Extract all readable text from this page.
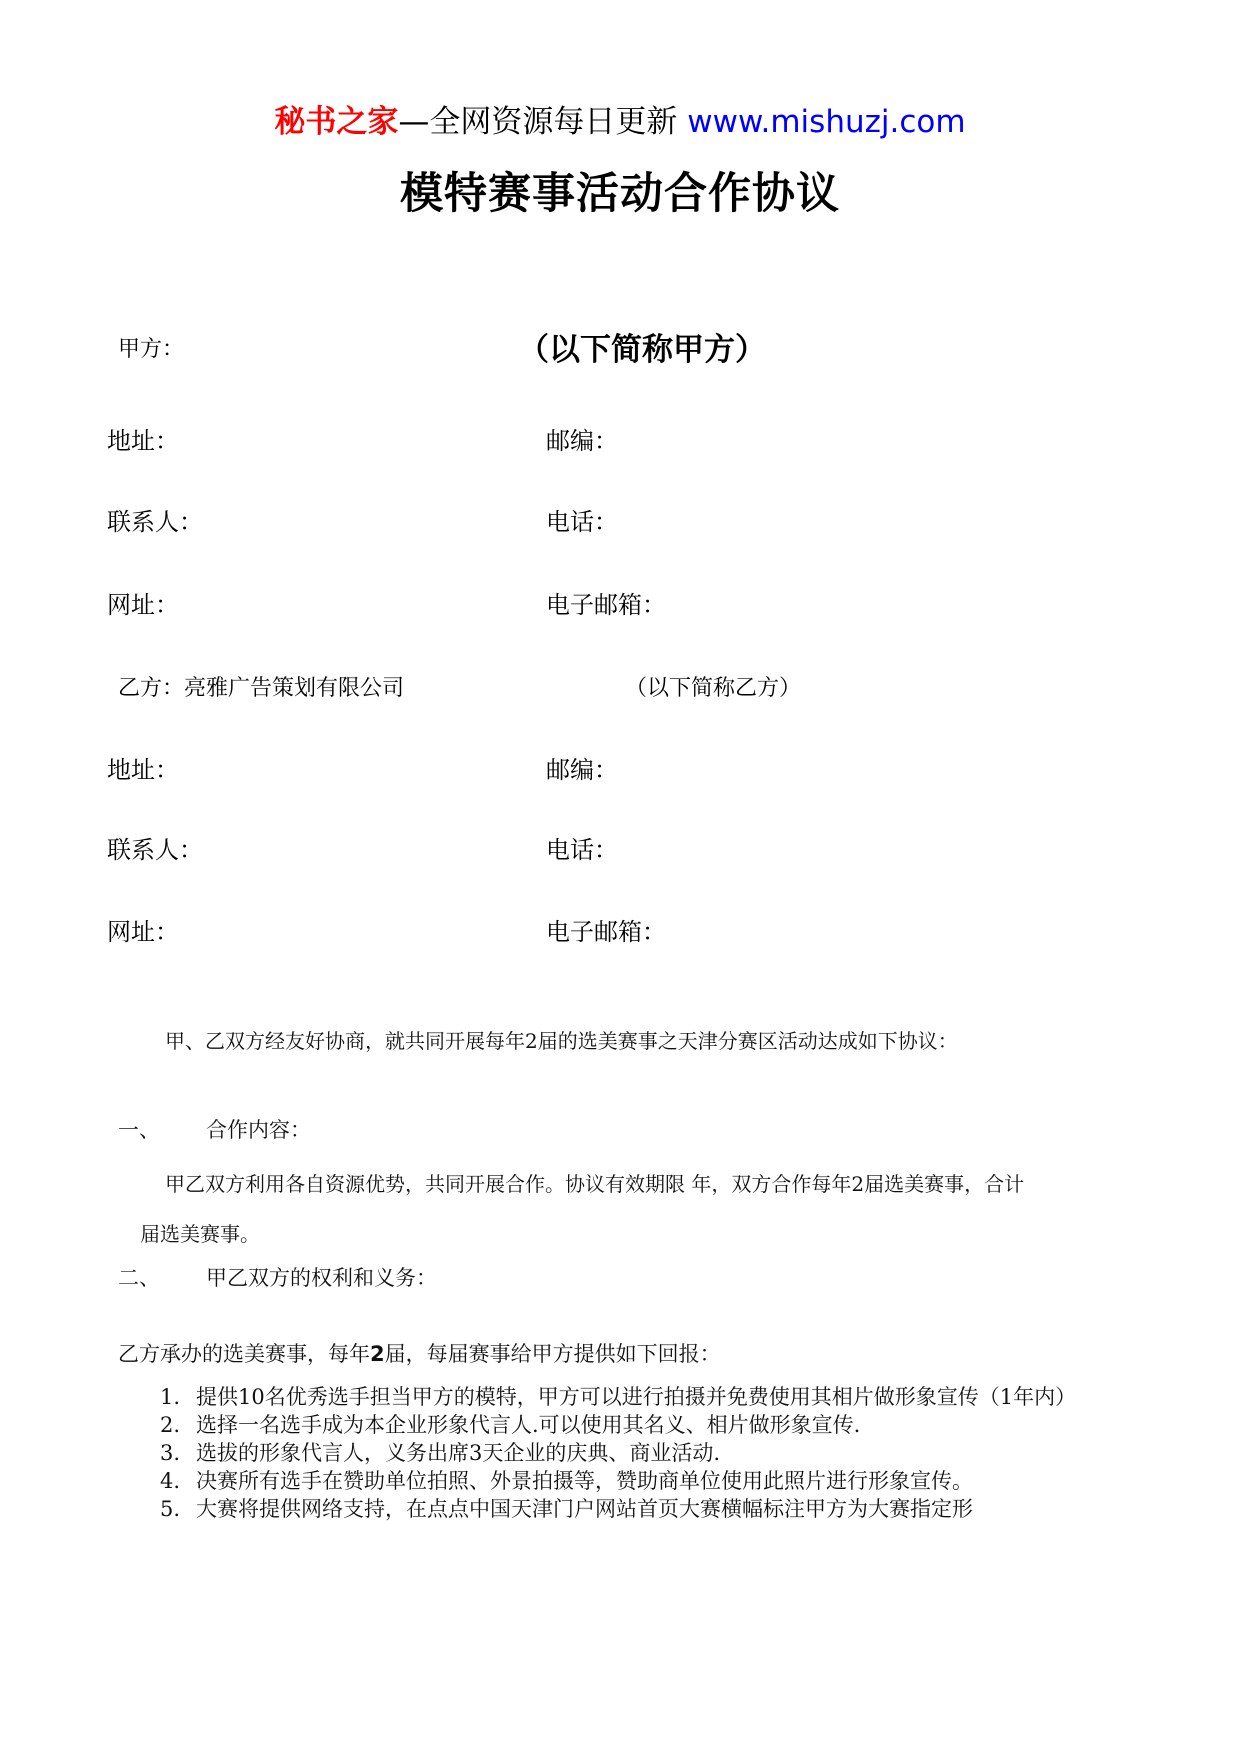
秘书之家—全网资源每日更新 www.mishuzj.com
模特赛事活动合作协议
甲方：	（以下简称甲方）
地址：	邮编：
联系人：	电话：
网址：	电子邮箱：
乙方：亮雅广告策划有限公司	（以下简称乙方）
地址：	邮编：
联系人：	电话：
网址：	电子邮箱：
甲、乙双方经友好协商，就共同开展每年2届的选美赛事之天津分赛区活动达成如下协议：
一、 合作内容：
甲乙双方利用各自资源优势，共同开展合作。协议有效期限 年，双方合作每年2届选美赛事，合计
届选美赛事。
二、 甲乙双方的权利和义务：
乙方承办的选美赛事，每年2届，每届赛事给甲方提供如下回报：
1. 提供10名优秀选手担当甲方的模特，甲方可以进行拍摄并免费使用其相片做形象宣传（1年内）
2. 选择一名选手成为本企业形象代言人.可以使用其名义、相片做形象宣传.
3. 选拔的形象代言人，义务出席3天企业的庆典、商业活动.
4. 决赛所有选手在赞助单位拍照、外景拍摄等，赞助商单位使用此照片进行形象宣传。
5. 大赛将提供网络支持，在点点中国天津门户网站首页大赛横幅标注甲方为大赛指定形
